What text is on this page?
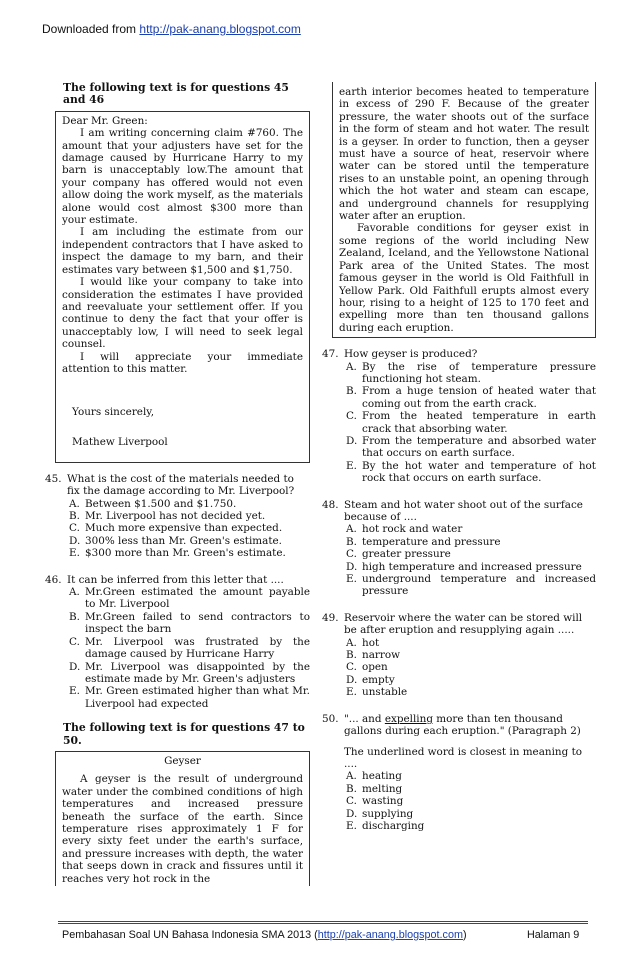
Downloaded from http://pak-anang.blogspot.com
The following text is for questions 45 and 46

Dear Mr. Green:

I am writing concerning claim #760. The amount that your adjusters have set for the damage caused by Hurricane Harry to my barn is unacceptably low.The amount that your company has offered would not even allow doing the work myself, as the materials alone would cost almost $300 more than your estimate.

I am including the estimate from our independent contractors that I have asked to inspect the damage to my barn, and their estimates vary between $1,500 and $1,750.

I would like your company to take into consideration the estimates I have provided and reevaluate your settlement offer. If you continue to deny the fact that your offer is unacceptably low, I will need to seek legal counsel.

I will appreciate your immediate attention to this matter.

Yours sincerely,
Mathew Liverpool
45. What is the cost of the materials needed to fix the damage according to Mr. Liverpool?
A. Between $1.500 and $1.750.
B. Mr. Liverpool has not decided yet.
C. Much more expensive than expected.
D. 300% less than Mr. Green's estimate.
E. $300 more than Mr. Green's estimate.
46. It can be inferred from this letter that ....
A. Mr.Green estimated the amount payable to Mr. Liverpool
B. Mr.Green failed to send contractors to inspect the barn
C. Mr. Liverpool was frustrated by the damage caused by Hurricane Harry
D. Mr. Liverpool was disappointed by the estimate made by Mr. Green's adjusters
E. Mr. Green estimated higher than what Mr. Liverpool had expected
The following text is for questions 47 to 50.

Geyser

A geyser is the result of underground water under the combined conditions of high temperatures and increased pressure beneath the surface of the earth. Since temperature rises approximately 1 F for every sixty feet under the earth's surface, and pressure increases with depth, the water that seeps down in crack and fissures until it reaches very hot rock in the

earth interior becomes heated to temperature in excess of 290 F. Because of the greater pressure, the water shoots out of the surface in the form of steam and hot water. The result is a geyser. In order to function, then a geyser must have a source of heat, reservoir where water can be stored until the temperature rises to an unstable point, an opening through which the hot water and steam can escape, and underground channels for resupplying water after an eruption.

Favorable conditions for geyser exist in some regions of the world including New Zealand, Iceland, and the Yellowstone National Park area of the United States. The most famous geyser in the world is Old Faithfull in Yellow Park. Old Faithfull erupts almost every hour, rising to a height of 125 to 170 feet and expelling more than ten thousand gallons during each eruption.

47. How geyser is produced?
A. By the rise of temperature pressure functioning hot steam.
B. From a huge tension of heated water that coming out from the earth crack.
C. From the heated temperature in earth crack that absorbing water.
D. From the temperature and absorbed water that occurs on earth surface.
E. By the hot water and temperature of hot rock that occurs on earth surface.
48. Steam and hot water shoot out of the surface because of ....
A. hot rock and water
B. temperature and pressure
C. greater pressure
D. high temperature and increased pressure
E. underground temperature and increased pressure
49. Reservoir where the water can be stored will be after eruption and resupplying again .....
A. hot
B. narrow
C. open
D. empty
E. unstable
50. "... and expelling more than ten thousand gallons during each eruption." (Paragraph 2)
The underlined word is closest in meaning to ....
A. heating
B. melting
C. wasting
D. supplying
E. discharging
Pembahasan Soal UN Bahasa Indonesia SMA 2013 (http://pak-anang.blogspot.com)	Halaman 9
